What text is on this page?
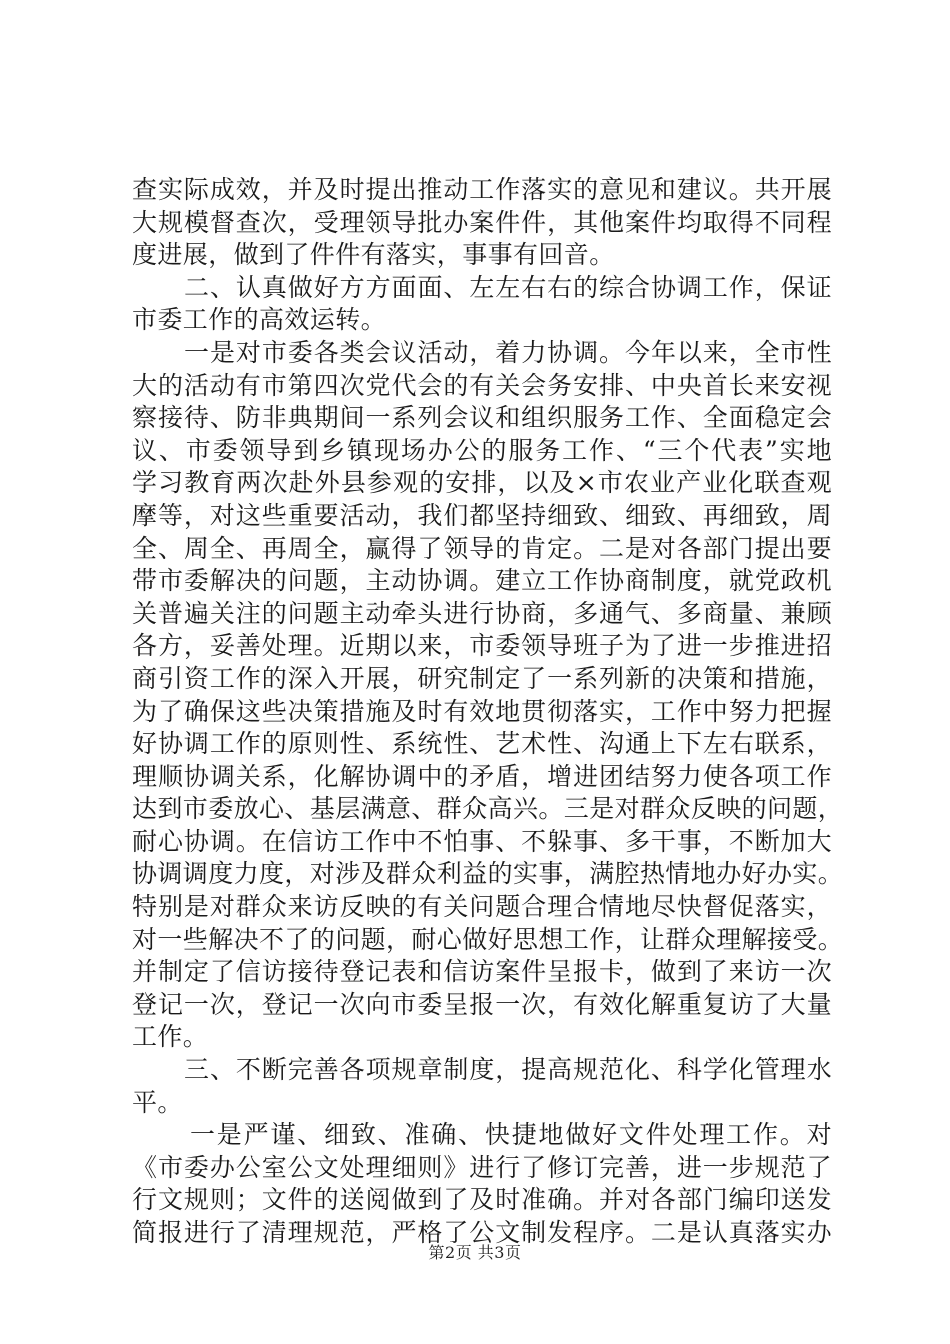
查实际成效，并及时提出推动工作落实的意见和建议。共开展
大规模督查次，受理领导批办案件件，其他案件均取得不同程
度进展，做到了件件有落实，事事有回音。
二、认真做好方方面面、左左右右的综合协调工作，保证
市委工作的高效运转。
一是对市委各类会议活动，着力协调。今年以来，全市性
大的活动有市第四次党代会的有关会务安排、中央首长来安视
察接待、防非典期间一系列会议和组织服务工作、全面稳定会
议、市委领导到乡镇现场办公的服务工作、“三个代表”实地
学习教育两次赴外县参观的安排，以及×市农业产业化联查观
摩等，对这些重要活动，我们都坚持细致、细致、再细致，周
全、周全、再周全，赢得了领导的肯定。二是对各部门提出要
带市委解决的问题，主动协调。建立工作协商制度，就党政机
关普遍关注的问题主动牵头进行协商，多通气、多商量、兼顾
各方，妥善处理。近期以来，市委领导班子为了进一步推进招
商引资工作的深入开展，研究制定了一系列新的决策和措施，
为了确保这些决策措施及时有效地贯彻落实，工作中努力把握
好协调工作的原则性、系统性、艺术性、沟通上下左右联系，
理顺协调关系，化解协调中的矛盾，增进团结努力使各项工作
达到市委放心、基层满意、群众高兴。三是对群众反映的问题，
耐心协调。在信访工作中不怕事、不躲事、多干事，不断加大
协调调度力度，对涉及群众利益的实事，满腔热情地办好办实。
特别是对群众来访反映的有关问题合理合情地尽快督促落实，
对一些解决不了的问题，耐心做好思想工作，让群众理解接受。
并制定了信访接待登记表和信访案件呈报卡，做到了来访一次
登记一次，登记一次向市委呈报一次，有效化解重复访了大量
工作。
三、不断完善各项规章制度，提高规范化、科学化管理水
平。
一是严谨、细致、准确、快捷地做好文件处理工作。对
《市委办公室公文处理细则》进行了修订完善，进一步规范了
行文规则；文件的送阅做到了及时准确。并对各部门编印送发
简报进行了清理规范，严格了公文制发程序。二是认真落实办
第2页 共3页
